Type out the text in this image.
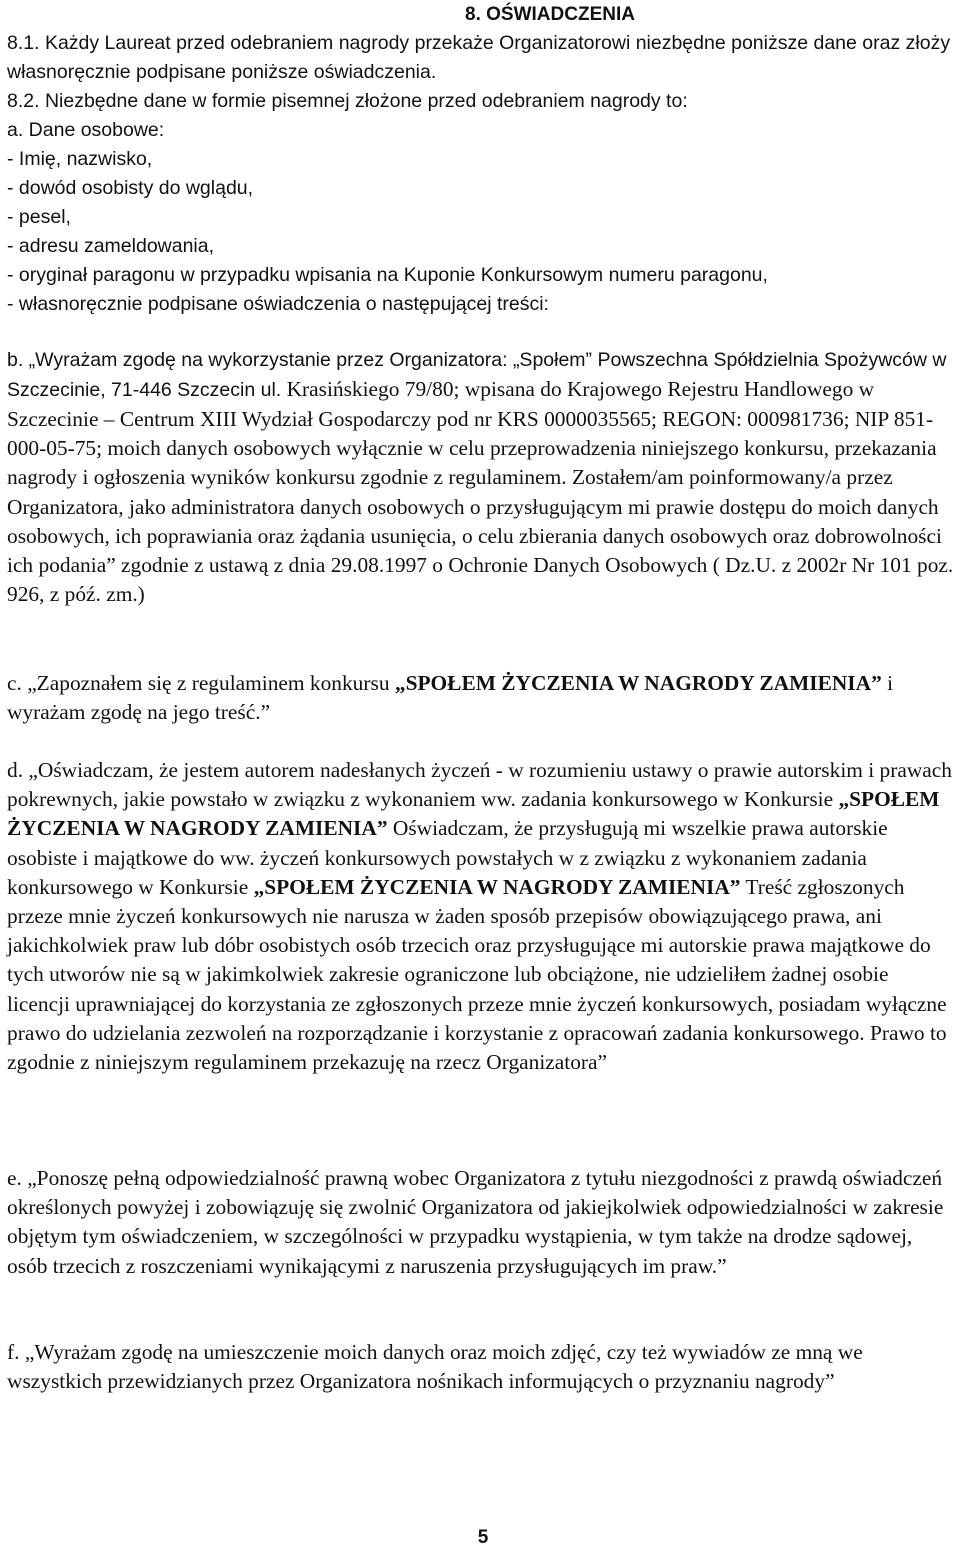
8. OŚWIADCZENIA

8.1. Każdy Laureat przed odebraniem nagrody przekaże Organizatorowi niezbędne poniższe dane oraz złoży własnoręcznie podpisane poniższe oświadczenia.

8.2. Niezbędne dane w formie pisemnej złożone przed odebraniem nagrody to:

a. Dane osobowe:

- Imię, nazwisko,

- dowód osobisty do wglądu,

- pesel,

- adresu zameldowania,

- oryginał paragonu w przypadku wpisania na Kuponie Konkursowym numeru paragonu,

- własnoręcznie podpisane oświadczenia o następującej treści:

b. „Wyrażam zgodę na wykorzystanie przez Organizatora: „Społem” Powszechna Spółdzielnia Spożywców w Szczecinie, 71-446 Szczecin ul. Krasińskiego 79/80; wpisana do Krajowego Rejestru Handlowego w Szczecinie – Centrum XIII Wydział Gospodarczy pod nr KRS 0000035565; REGON: 000981736; NIP 851-000-05-75; moich danych osobowych wyłącznie w celu przeprowadzenia niniejszego konkursu, przekazania nagrody i ogłoszenia wyników konkursu zgodnie z regulaminem. Zostałem/am poinformowany/a przez Organizatora, jako administratora danych osobowych o przysługującym mi prawie dostępu do moich danych osobowych, ich poprawiania oraz żądania usunięcia, o celu zbierania danych osobowych oraz dobrowolności ich podania” zgodnie z ustawą z dnia 29.08.1997 o Ochronie Danych Osobowych ( Dz.U. z 2002r Nr 101 poz. 926, z póź. zm.)

c. „Zapoznałem się z regulaminem konkursu „SPOŁEM ŻYCZENIA W NAGRODY ZAMIENIA” i wyrażam zgodę na jego treść.”

d. „Oświadczam, że jestem autorem nadesłanych życzeń - w rozumieniu ustawy o prawie autorskim i prawach pokrewnych, jakie powstało w związku z wykonaniem ww. zadania konkursowego w Konkursie „SPOŁEM ŻYCZENIA W NAGRODY ZAMIENIA” Oświadczam, że przysługują mi wszelkie prawa autorskie osobiste i majątkowe do ww. życzeń konkursowych powstałych w z związku z wykonaniem zadania konkursowego w Konkursie „SPOŁEM ŻYCZENIA W NAGRODY ZAMIENIA” Treść zgłoszonych przeze mnie życzeń konkursowych nie narusza w żaden sposób przepisów obowiązującego prawa, ani jakichkolwiek praw lub dóbr osobistych osób trzecich oraz przysługujące mi autorskie prawa majątkowe do tych utworów nie są w jakimkolwiek zakresie ograniczone lub obciążone, nie udzieliłem żadnej osobie licencji uprawniającej do korzystania ze zgłoszonych przeze mnie życzeń konkursowych, posiadam wyłączne prawo do udzielania zezwoleń na rozporządzanie i korzystanie z opracowań zadania konkursowego. Prawo to zgodnie z niniejszym regulaminem przekazuję na rzecz Organizatora”

e. „Ponoszę pełną odpowiedzialność prawną wobec Organizatora z tytułu niezgodności z prawdą oświadczeń określonych powyżej i zobowiązuję się zwolnić Organizatora od jakiejkolwiek odpowiedzialności w zakresie objętym tym oświadczeniem, w szczególności w przypadku wystąpienia, w tym także na drodze sądowej, osób trzecich z roszczeniami wynikającymi z naruszenia przysługujących im praw.”

f. „Wyrażam zgodę na umieszczenie moich danych oraz moich zdjęć, czy też wywiadów ze mną we wszystkich przewidzianych przez Organizatora nośnikach informujących o przyznaniu nagrody”

5
